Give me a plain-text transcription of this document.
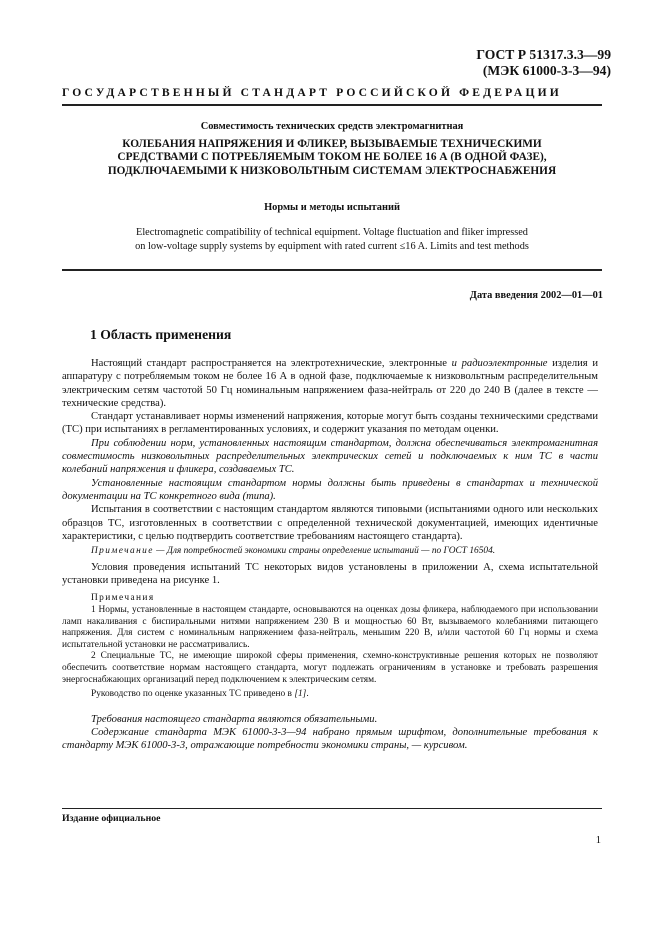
ГОСТ Р 51317.3.3—99
(МЭК 61000-3-3—94)
ГОСУДАРСТВЕННЫЙ СТАНДАРТ РОССИЙСКОЙ ФЕДЕРАЦИИ
Совместимость технических средств электромагнитная
КОЛЕБАНИЯ НАПРЯЖЕНИЯ И ФЛИКЕР, ВЫЗЫВАЕМЫЕ ТЕХНИЧЕСКИМИ
СРЕДСТВАМИ С ПОТРЕБЛЯЕМЫМ ТОКОМ НЕ БОЛЕЕ 16 А (В ОДНОЙ ФАЗЕ),
ПОДКЛЮЧАЕМЫМИ К НИЗКОВОЛЬТНЫМ СИСТЕМАМ ЭЛЕКТРОСНАБЖЕНИЯ
Нормы и методы испытаний
Electromagnetic compatibility of technical equipment. Voltage fluctuation and fliker impressed
on low-voltage supply systems by equipment with rated current ≤16 A. Limits and test methods
Дата введения 2002—01—01
1 Область применения

Настоящий стандарт распространяется на электротехнические, электронные и радиоэлектронные изделия и аппаратуру с потребляемым током не более 16 А в одной фазе, подключаемые к низковольтным распределительным электрическим сетям частотой 50 Гц номинальным напряжением фаза-нейтраль от 220 до 240 В (далее в тексте — технические средства).

Стандарт устанавливает нормы изменений напряжения, которые могут быть созданы техническими средствами (ТС) при испытаниях в регламентированных условиях, и содержит указания по методам оценки.

При соблюдении норм, установленных настоящим стандартом, должна обеспечиваться электромагнитная совместимость низковольтных распределительных электрических сетей и подключаемых к ним ТС в части колебаний напряжения и фликера, создаваемых ТС.

Установленные настоящим стандартом нормы должны быть приведены в стандартах и технической документации на ТС конкретного вида (типа).

Испытания в соответствии с настоящим стандартом являются типовыми (испытаниями одного или нескольких образцов ТС, изготовленных в соответствии с определенной технической документацией, имеющих идентичные характеристики, с целью подтвердить соответствие требованиям настоящего стандарта).

Примечание — Для потребностей экономики страны определение испытаний — по ГОСТ 16504.

Условия проведения испытаний ТС некоторых видов установлены в приложении А, схема испытательной установки приведена на рисунке 1.

Примечания

1 Нормы, установленные в настоящем стандарте, основываются на оценках дозы фликера, наблюдаемого при использовании ламп накаливания с биспиральными нитями напряжением 230 В и мощностью 60 Вт, вызываемого колебаниями питающего напряжения. Для систем с номинальным напряжением фаза-нейтраль, меньшим 220 В, и/или частотой 60 Гц нормы и схема испытательной установки не рассматривались.

2 Специальные ТС, не имеющие широкой сферы применения, схемно-конструктивные решения которых не позволяют обеспечить соответствие нормам настоящего стандарта, могут подлежать ограничениям в установке и требовать разрешения энергоснабжающих организаций перед подключением к электрическим сетям.

Руководство по оценке указанных ТС приведено в [1].

Требования настоящего стандарта являются обязательными.

Содержание стандарта МЭК 61000-3-3—94 набрано прямым шрифтом, дополнительные требования к стандарту МЭК 61000-3-3, отражающие потребности экономики страны, — курсивом.

Издание официальное
1
